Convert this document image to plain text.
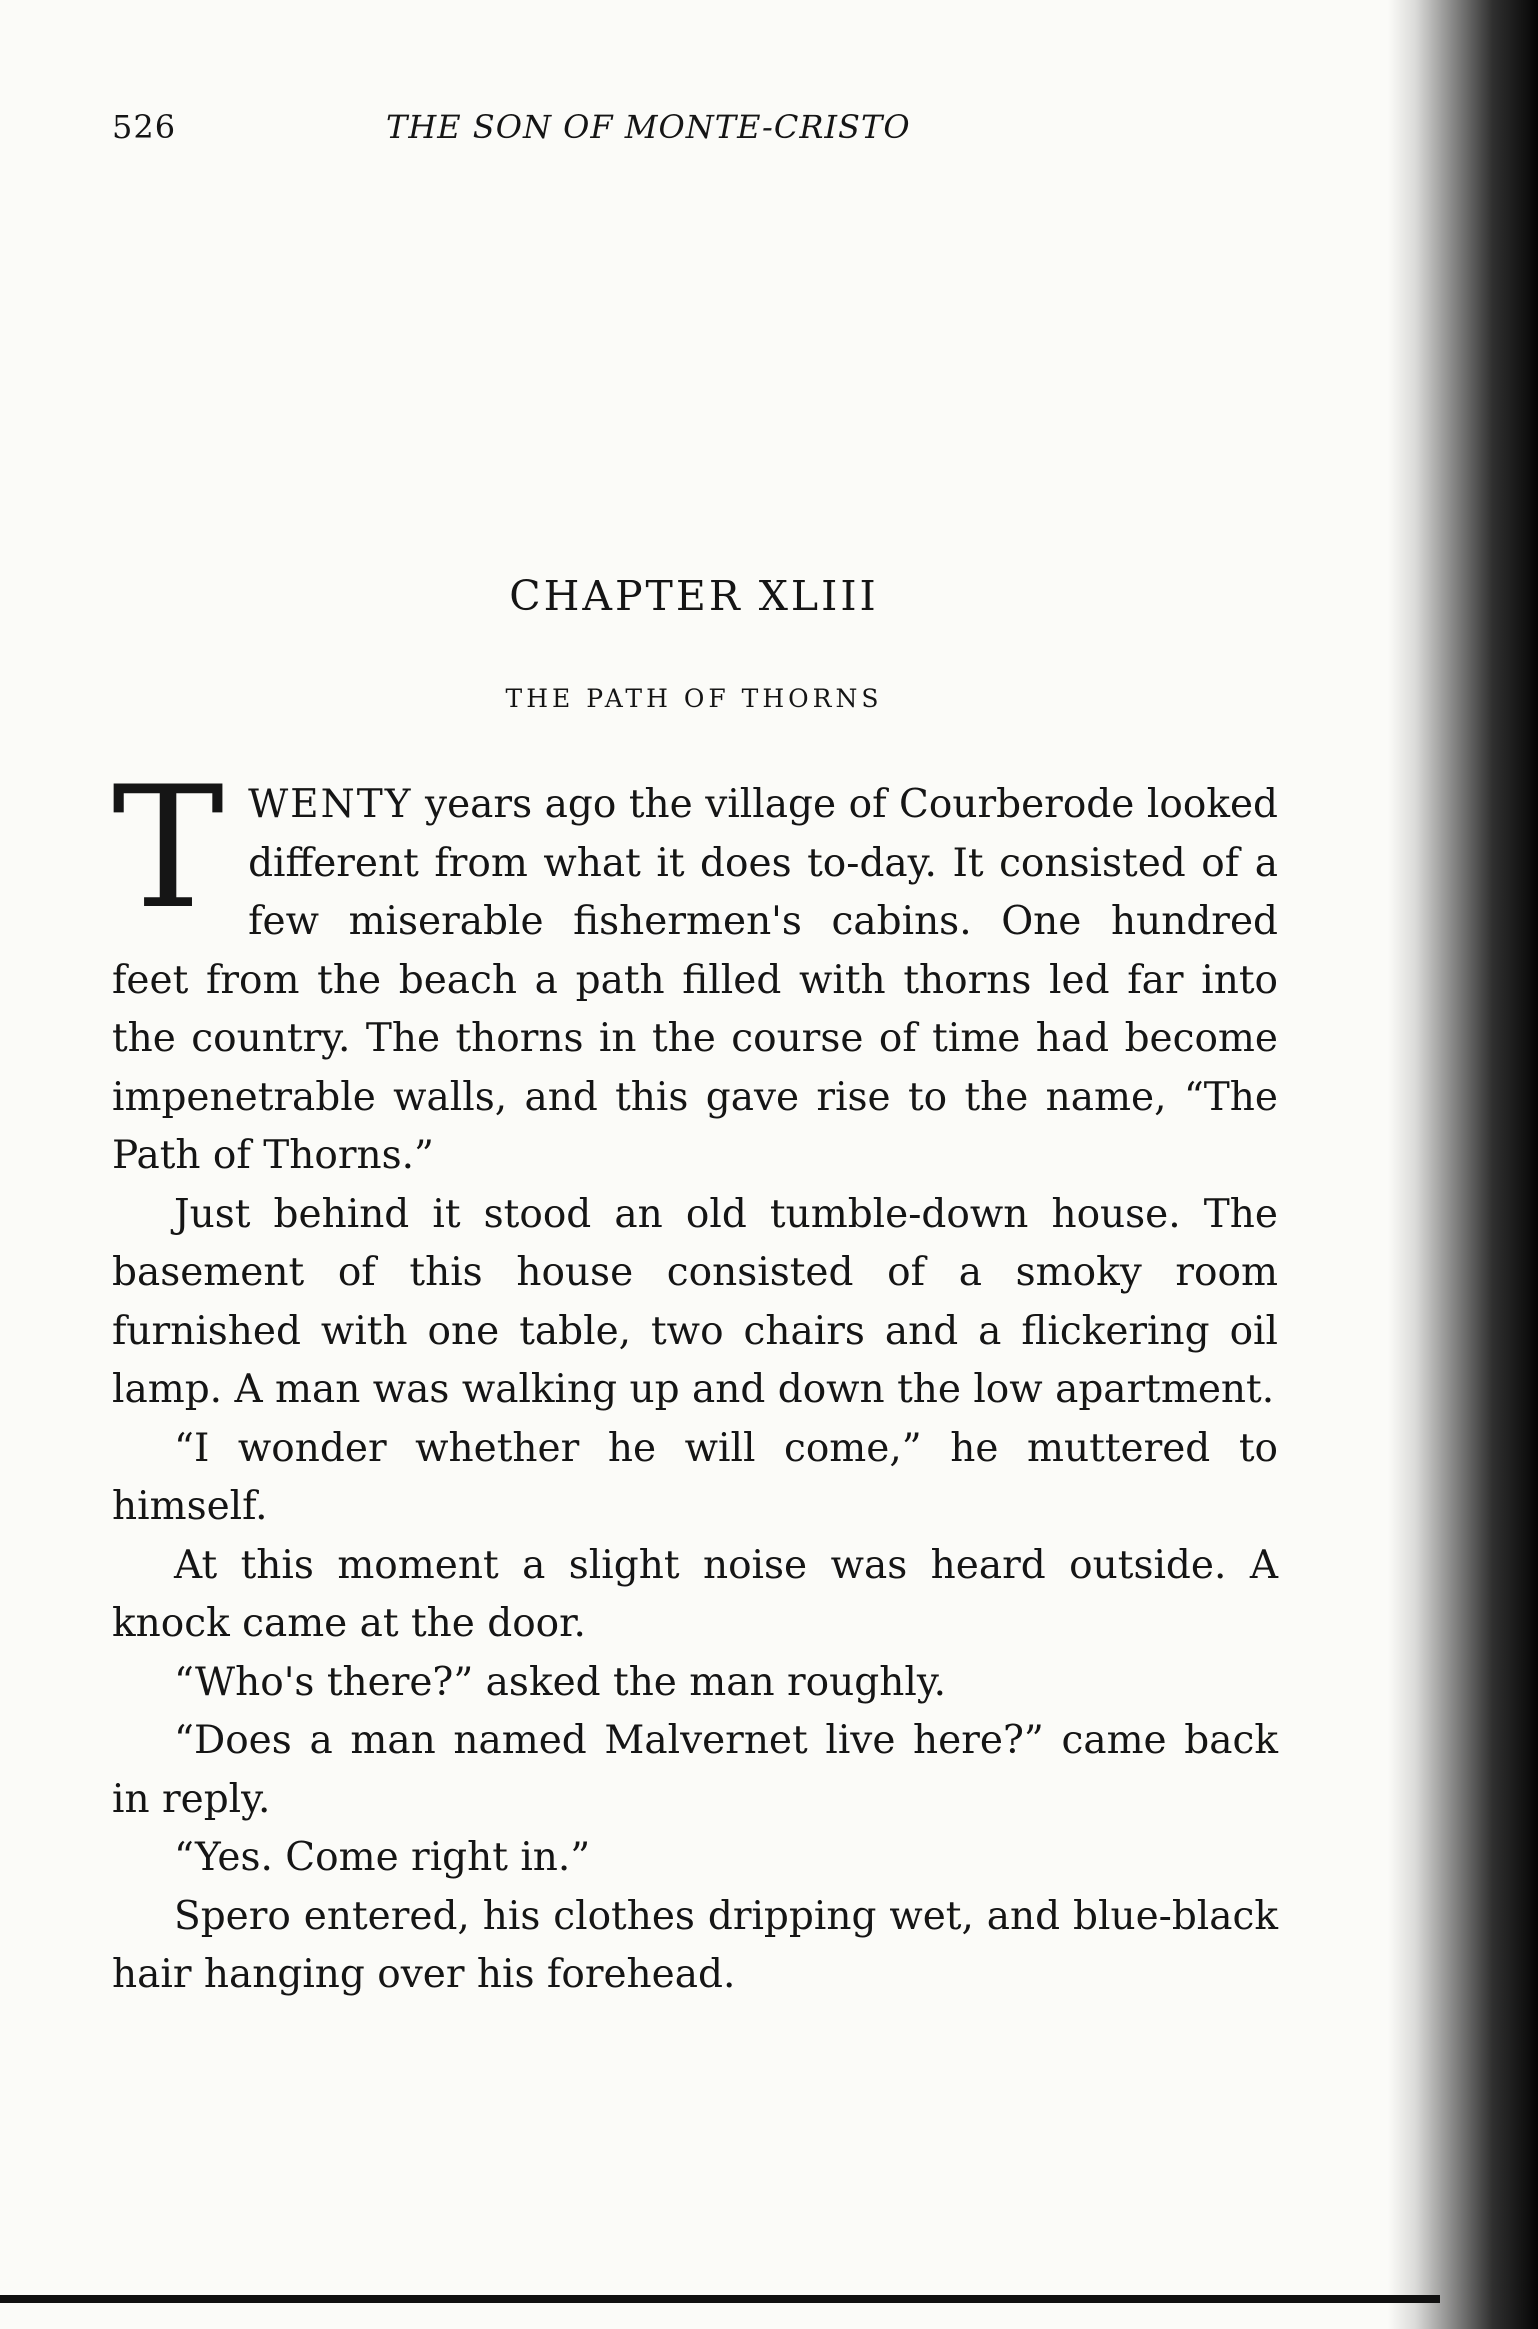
526	THE SON OF MONTE-CRISTO
CHAPTER XLIII
THE PATH OF THORNS

TWENTY years ago the village of Courberode looked different from what it does to-day. It consisted of a few miserable fishermen's cabins. One hundred feet from the beach a path filled with thorns led far into the country. The thorns in the course of time had become impenetrable walls, and this gave rise to the name, “The Path of Thorns.”

Just behind it stood an old tumble-down house. The basement of this house consisted of a smoky room furnished with one table, two chairs and a flickering oil lamp. A man was walking up and down the low apartment.

“I wonder whether he will come,” he muttered to himself.

At this moment a slight noise was heard outside. A knock came at the door.

“Who's there?” asked the man roughly.

“Does a man named Malvernet live here?” came back in reply.

“Yes. Come right in.”

Spero entered, his clothes dripping wet, and blue-black hair hanging over his forehead.
